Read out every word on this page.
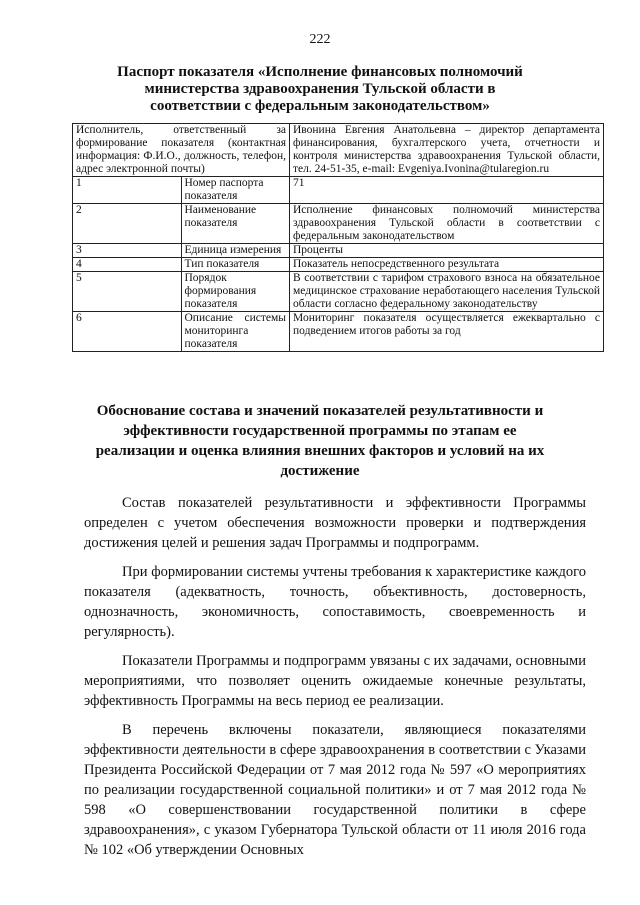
222
Паспорт показателя «Исполнение финансовых полномочий министерства здравоохранения Тульской области в соответствии с федеральным законодательством»
Исполнитель, ответственный за формирование показателя (контактная информация: Ф.И.О., должность, телефон, адрес электронной почты)		Ивонина Евгения Анатольевна – директор департамента финансирования, бухгалтерского учета, отчетности и контроля министерства здравоохранения Тульской области, тел. 24-51-35, e-mail: Evgeniya.Ivonina@tularegion.ru
1	Номер паспорта показателя	71
2	Наименование показателя	Исполнение финансовых полномочий министерства здравоохранения Тульской области в соответствии с федеральным законодательством
3	Единица измерения	Проценты
4	Тип показателя	Показатель непосредственного результата
5	Порядок формирования показателя	В соответствии с тарифом страхового взноса на обязательное медицинское страхование неработающего населения Тульской области согласно федеральному законодательству
6	Описание системы мониторинга показателя	Мониторинг показателя осуществляется ежеквартально с подведением итогов работы за год
Обоснование состава и значений показателей результативности и эффективности государственной программы по этапам ее реализации и оценка влияния внешних факторов и условий на их достижение

Состав показателей результативности и эффективности Программы определен с учетом обеспечения возможности проверки и подтверждения достижения целей и решения задач Программы и подпрограмм.

При формировании системы учтены требования к характеристике каждого показателя (адекватность, точность, объективность, достоверность, однозначность, экономичность, сопоставимость, своевременность и регулярность).

Показатели Программы и подпрограмм увязаны с их задачами, основными мероприятиями, что позволяет оценить ожидаемые конечные результаты, эффективность Программы на весь период ее реализации.

В перечень включены показатели, являющиеся показателями эффективности деятельности в сфере здравоохранения в соответствии с Указами Президента Российской Федерации от 7 мая 2012 года № 597 «О мероприятиях по реализации государственной социальной политики» и от 7 мая 2012 года № 598 «О совершенствовании государственной политики в сфере здравоохранения», с указом Губернатора Тульской области от 11 июля 2016 года № 102 «Об утверждении Основных
